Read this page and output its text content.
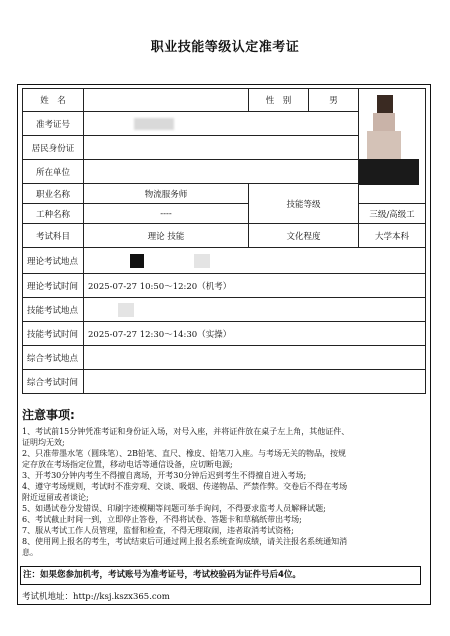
职业技能等级认定准考证
姓　名		性　别	男	

准考证号				
居民身份证				
所在单位				
职业名称	物流服务师	技能等级		
工种名称	----			三级/高级工
考试科目	理论 技能	文化程度		大学本科
理论考试地点				
理论考试时间	2025-07-27 10:50～12:20（机考）			
技能考试地点				
技能考试时间	2025-07-27 12:30～14:30（实操）			
综合考试地点				
综合考试时间				
注意事项:
1、考试前15分钟凭准考证和身份证入场，对号入座，并将证件放在桌子左上角，其他证件、
证明均无效;
2、只准带墨水笔（圆珠笔）、2B铅笔、直尺、橡皮、铅笔刀入座。与考场无关的物品，按规
定存放在考场指定位置，移动电话等通信设备，应切断电源;
3、开考30分钟内考生不得擅自离场，开考30分钟后迟到考生不得擅自进入考场;
4、遵守考场规则，考试时不准旁观、交谈、吸烟、传递物品、严禁作弊。交卷后不得在考场
附近逗留或者谈论;
5、如遇试卷分发错误、印刷字迹模糊等问题可举手询问，不得要求监考人员解释试题;
6、考试截止时间一到，立即停止答卷，不得将试卷、答题卡和草稿纸带出考场;
7、服从考试工作人员管理，监督和检查，不得无理取闹，违者取消考试资格;
8、使用网上报名的考生，考试结束后可通过网上报名系统查询成绩，请关注报名系统通知消
息。
注：如果您参加机考，考试账号为准考证号，考试校验码为证件号后4位。
考试机地址：http://ksj.kszx365.com
